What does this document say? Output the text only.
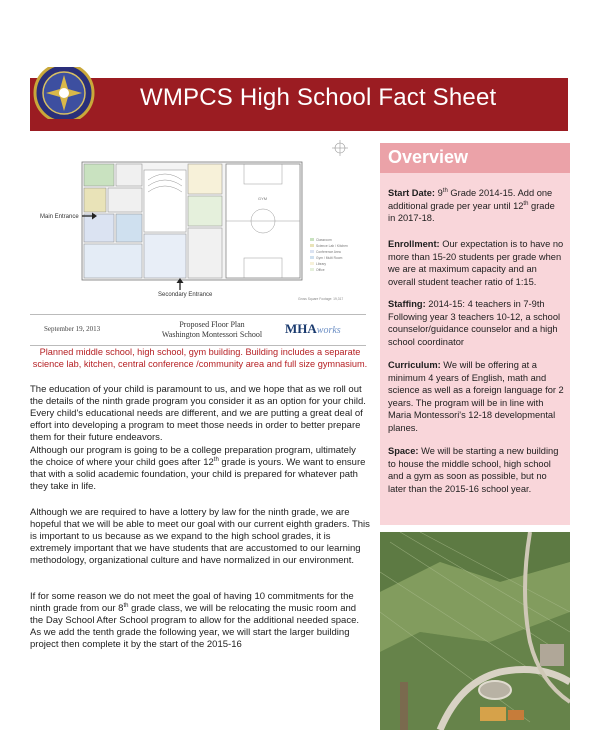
WMPCS High School Fact Sheet
GYM
Classroom
Science Lab / Kitchen
Conference Area
Gym / Multi Room
Library
Office
Gross Square Footage: 19,317
Main Entrance
Secondary Entrance
September 19, 2013	Proposed Floor Plan
Washington Montessori School	MHAworks
Planned middle school, high school, gym building. Building includes a separate science lab, kitchen, central conference /community area and full size gymnasium.

The education of your child is paramount to us, and we hope that as we roll out the details of the ninth grade program you consider it as an option for your child. Every child's educational needs are different, and we are putting a great deal of effort into developing a program to meet those needs in order to better prepare them for their future endeavors.

Although our program is going to be a college preparation program, ultimately the choice of where your child goes after 12th grade is yours. We want to ensure that with a solid academic foundation, your child is prepared for whatever path they take in life.

Although we are required to have a lottery by law for the ninth grade, we are hopeful that we will be able to meet our goal with our current eighth graders. This is important to us because as we expand to the high school grades, it is extremely important that we have students that are accustomed to our learning methodology, organizational culture and have normalized in our environment.

If for some reason we do not meet the goal of having 10 commitments for the ninth grade from our 8th grade class, we will be relocating the music room and the Day School After School program to allow for the additional needed space. As we add the tenth grade the following year, we will start the larger building project then complete it by the start of the 2015-16

Overview

Start Date: 9th Grade 2014-15. Add one additional grade per year until 12th grade in 2017-18.

Enrollment: Our expectation is to have no more than 15-20 students per grade when we are at maximum capacity and an overall student teacher ratio of 1:15.

Staffing: 2014-15: 4 teachers in 7-9th Following year 3 teachers 10-12, a school counselor/guidance counselor and a high school coordinator

Curriculum: We will be offering at a minimum 4 years of English, math and science as well as a foreign language for 2 years. The program will be in line with Maria Montessori's 12-18 developmental planes.

Space: We will be starting a new building to house the middle school, high school and a gym as soon as possible, but no later than the 2015-16 school year.
